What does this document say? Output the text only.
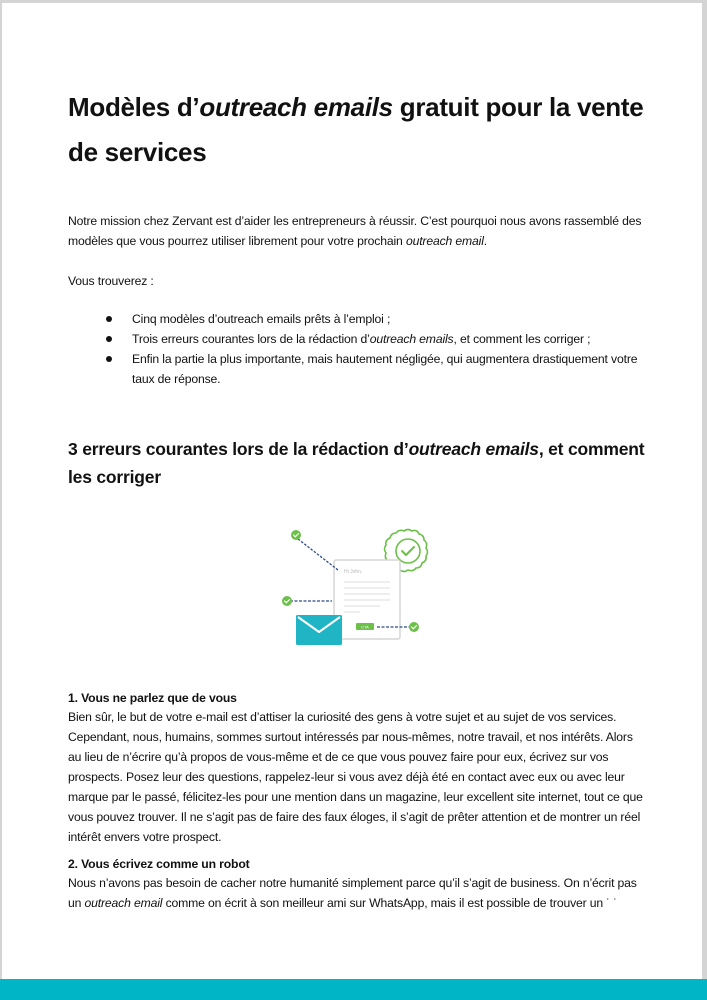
Modèles d’outreach emails gratuit pour la vente de services

Notre mission chez Zervant est d’aider les entrepreneurs à réussir. C’est pourquoi nous avons rassemblé des modèles que vous pourrez utiliser librement pour votre prochain outreach email.

Vous trouverez :

Cinq modèles d’outreach emails prêts à l’emploi ;
Trois erreurs courantes lors de la rédaction d’outreach emails, et comment les corriger ;
Enfin la partie la plus importante, mais hautement négligée, qui augmentera drastiquement votre taux de réponse.
3 erreurs courantes lors de la rédaction d’outreach emails, et comment les corriger
Hi John,
CTA

1. Vous ne parlez que de vous

Bien sûr, le but de votre e-mail est d’attiser la curiosité des gens à votre sujet et au sujet de vos services. Cependant, nous, humains, sommes surtout intéressés par nous-mêmes, notre travail, et nos intérêts. Alors au lieu de n’écrire qu’à propos de vous-même et de ce que vous pouvez faire pour eux, écrivez sur vos prospects. Posez leur des questions, rappelez-leur si vous avez déjà été en contact avec eux ou avec leur marque par le passé, félicitez-les pour une mention dans un magazine, leur excellent site internet, tout ce que vous pouvez trouver. Il ne s’agit pas de faire des faux éloges, il s’agit de prêter attention et de montrer un réel intérêt envers votre prospect.

2. Vous écrivez comme un robot

Nous n’avons pas besoin de cacher notre humanité simplement parce qu’il s’agit de business. On n’écrit pas un outreach email comme on écrit à son meilleur ami sur WhatsApp, mais il est possible de trouver un ˙ ˙
